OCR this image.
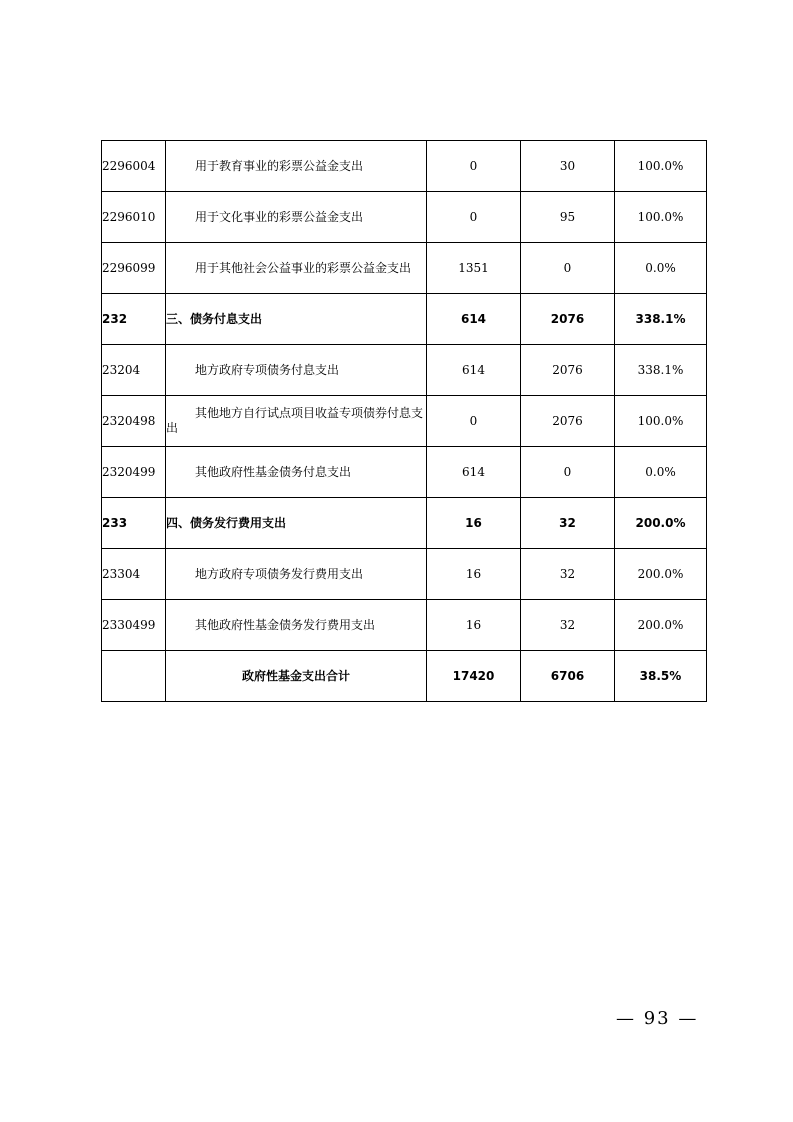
2296004	用于教育事业的彩票公益金支出	0	30	100.0%
2296010	用于文化事业的彩票公益金支出	0	95	100.0%
2296099	用于其他社会公益事业的彩票公益金支出	1351	0	0.0%
232	三、债务付息支出	614	2076	338.1%
23204	地方政府专项债务付息支出	614	2076	338.1%
2320498	其他地方自行试点项目收益专项债券付息支出	0	2076	100.0%
2320499	其他政府性基金债务付息支出	614	0	0.0%
233	四、债务发行费用支出	16	32	200.0%
23304	地方政府专项债务发行费用支出	16	32	200.0%
2330499	其他政府性基金债务发行费用支出	16	32	200.0%
	政府性基金支出合计	17420	6706	38.5%
— 93 —
